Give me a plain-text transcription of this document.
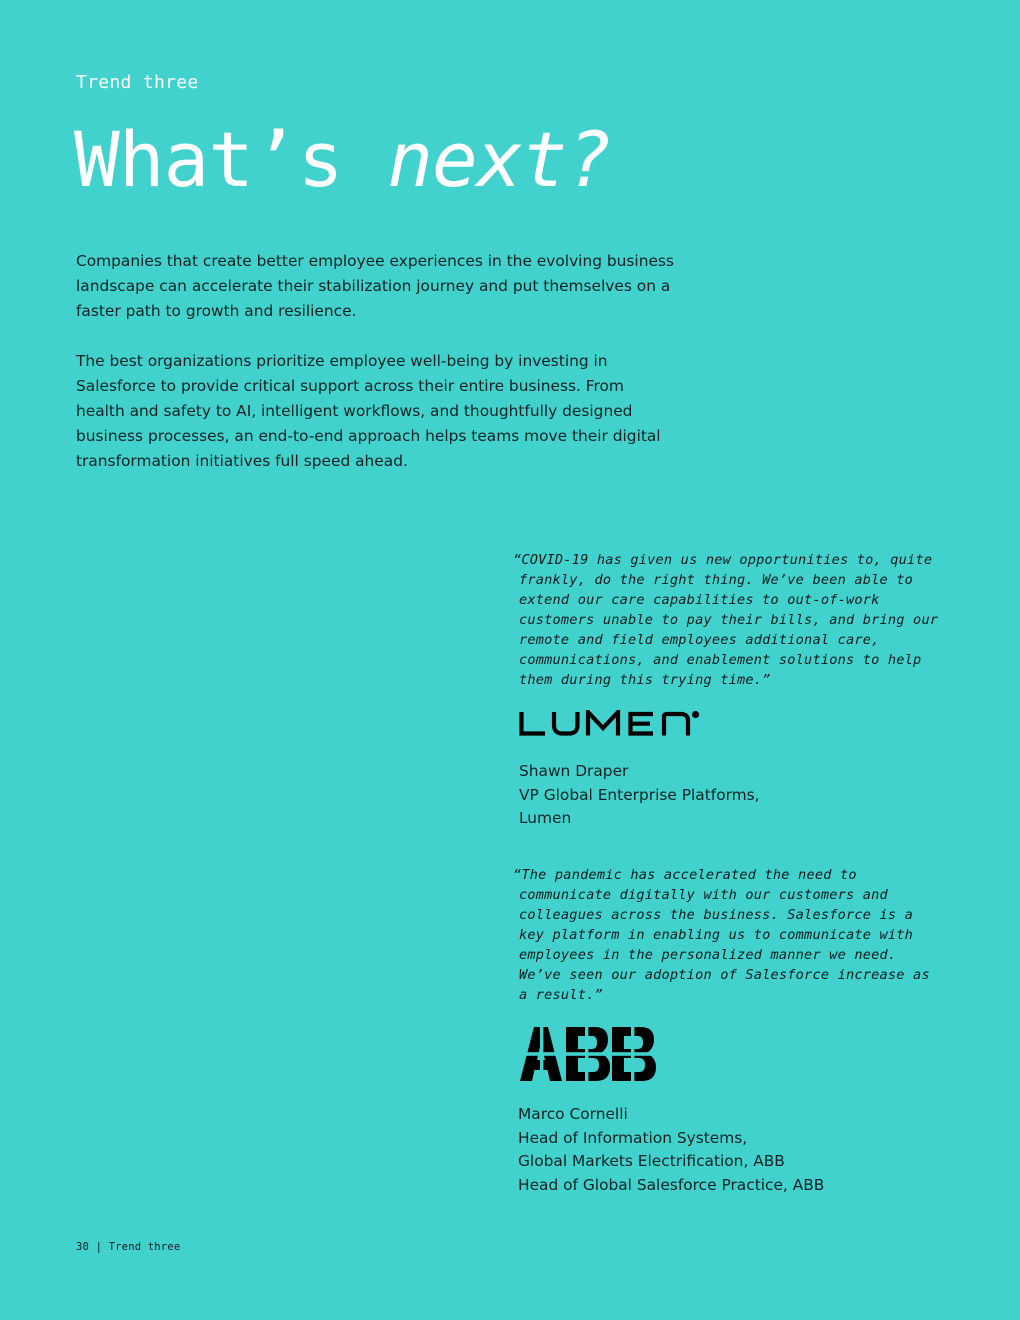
Trend three

What’s next?

Companies that create better employee experiences in the evolving business landscape can accelerate their stabilization journey and put themselves on a faster path to growth and resilience.

The best organizations prioritize employee well-being by investing in Salesforce to provide critical support across their entire business. From health and safety to AI, intelligent workflows, and thoughtfully designed business processes, an end-to-end approach helps teams move their digital transformation initiatives full speed ahead.

“COVID-19 has given us new opportunities to, quite frankly, do the right thing. We’ve been able to extend our care capabilities to out-of-work customers unable to pay their bills, and bring our remote and field employees additional care, communications, and enablement solutions to help them during this trying time.”

Shawn Draper
VP Global Enterprise Platforms,
Lumen

“The pandemic has accelerated the need to communicate digitally with our customers and colleagues across the business. Salesforce is a key platform in enabling us to communicate with employees in the personalized manner we need. We’ve seen our adoption of Salesforce increase as a result.”

Marco Cornelli
Head of Information Systems,
Global Markets Electrification, ABB
Head of Global Salesforce Practice, ABB
30 | Trend three
